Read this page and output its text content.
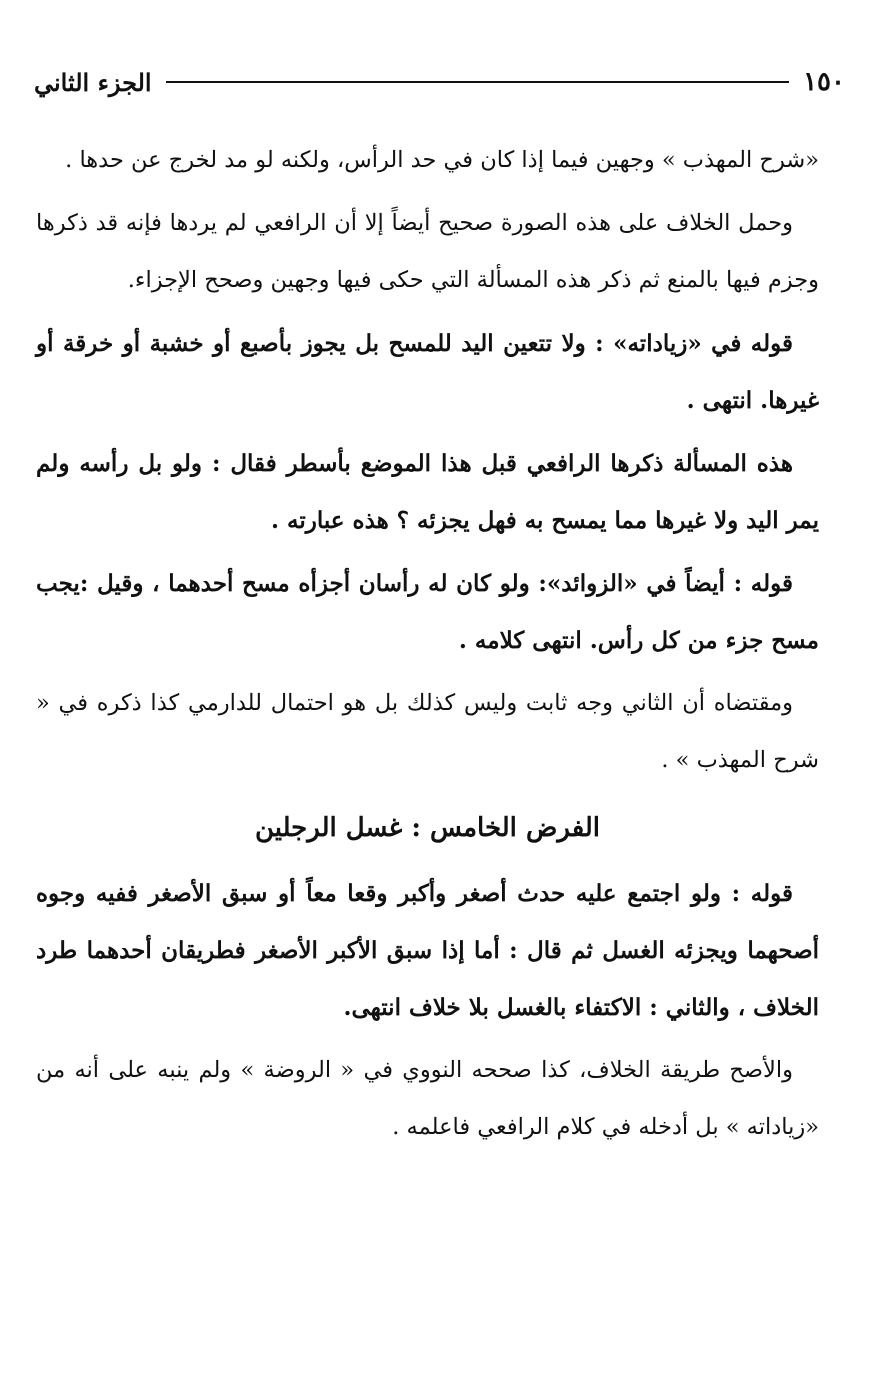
١٥٠
الجزء الثاني

«شرح المهذب » وجهين فيما إذا كان في حد الرأس، ولكنه لو مد لخرج عن حدها .

وحمل الخلاف على هذه الصورة صحيح أيضاً إلا أن الرافعي لم يردها فإنه قد ذكرها وجزم فيها بالمنع ثم ذكر هذه المسألة التي حكى فيها وجهين وصحح الإجزاء.

قوله في «زياداته» : ولا تتعين اليد للمسح بل يجوز بأصبع أو خشبة أو خرقة أو غيرها. انتهى .

هذه المسألة ذكرها الرافعي قبل هذا الموضع بأسطر فقال : ولو بل رأسه ولم يمر اليد ولا غيرها مما يمسح به فهل يجزئه ؟ هذه عبارته .

قوله : أيضاً في «الزوائد»: ولو كان له رأسان أجزأه مسح أحدهما ، وقيل :يجب مسح جزء من كل رأس. انتهى كلامه .

ومقتضاه أن الثاني وجه ثابت وليس كذلك بل هو احتمال للدارمي كذا ذكره في « شرح المهذب » .

الفرض الخامس : غسل الرجلين

قوله : ولو اجتمع عليه حدث أصغر وأكبر وقعا معاً أو سبق الأصغر ففيه وجوه أصحهما ويجزئه الغسل ثم قال : أما إذا سبق الأكبر الأصغر فطريقان أحدهما طرد الخلاف ، والثاني : الاكتفاء بالغسل بلا خلاف انتهى.

والأصح طريقة الخلاف، كذا صححه النووي في « الروضة » ولم ينبه على أنه من «زياداته » بل أدخله في كلام الرافعي فاعلمه .
